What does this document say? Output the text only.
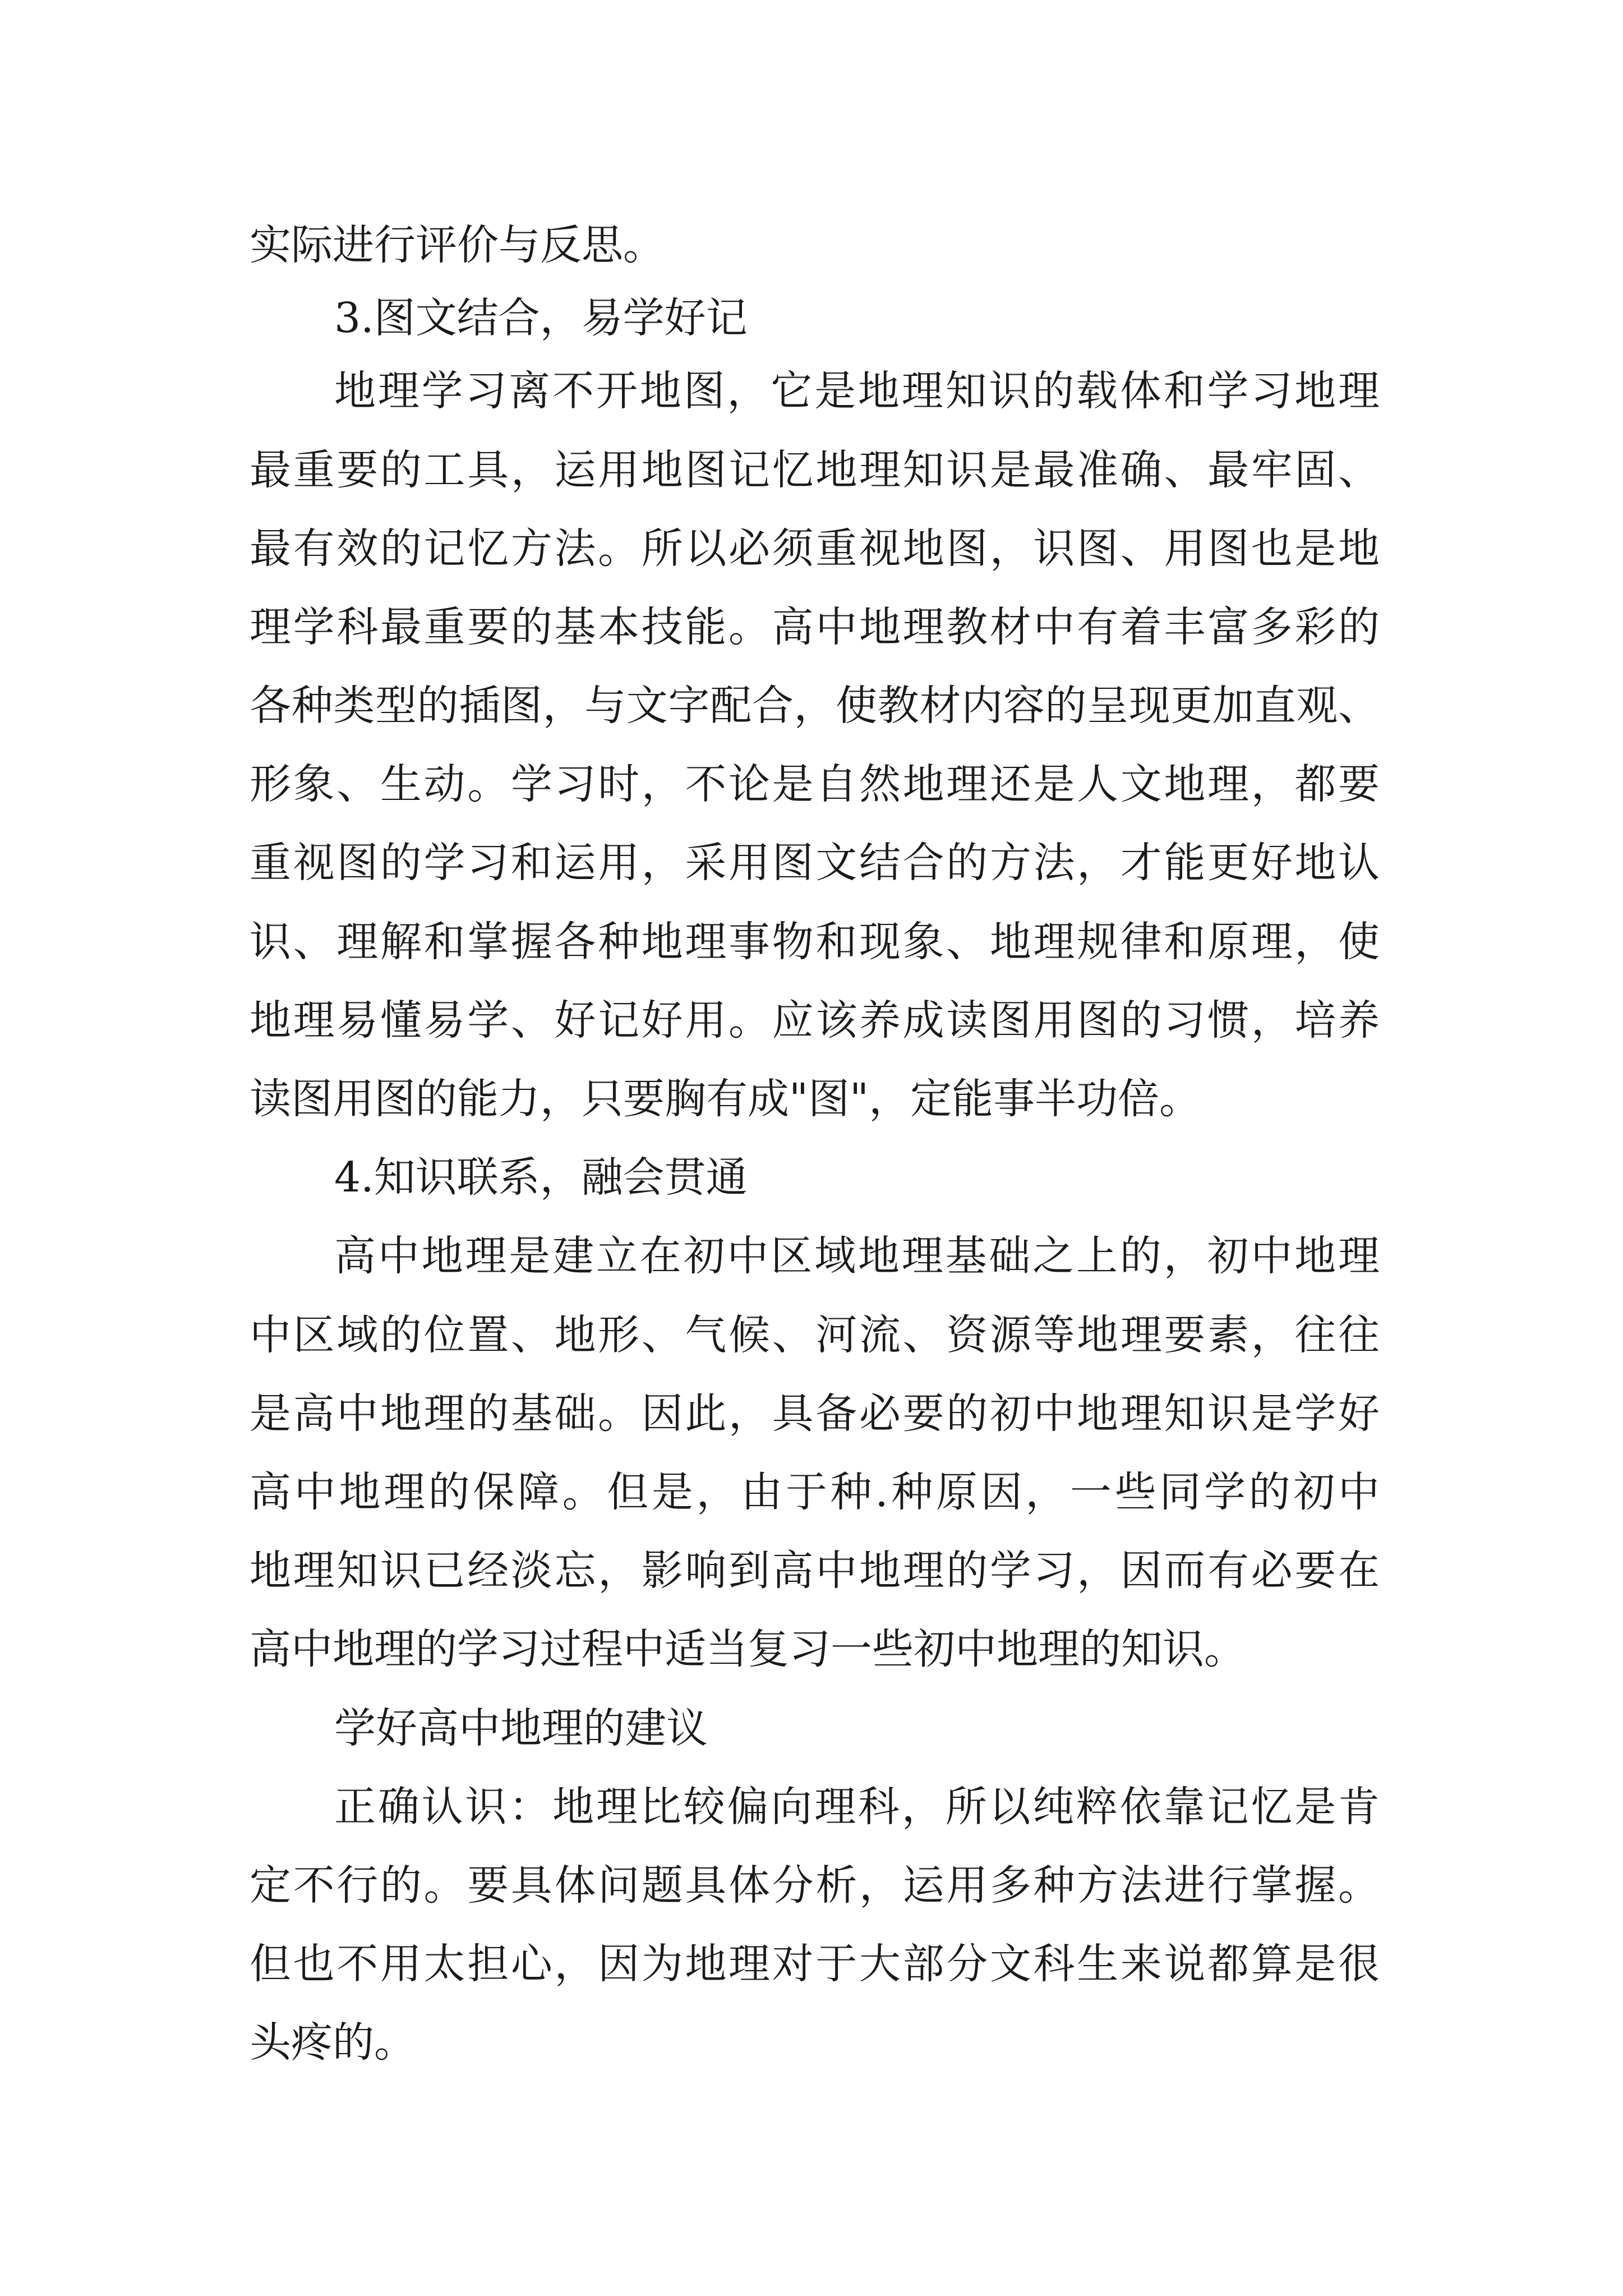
实际进行评价与反思。
3.图文结合，易学好记
地理学习离不开地图，它是地理知识的载体和学习地理
最重要的工具，运用地图记忆地理知识是最准确、最牢固、
最有效的记忆方法。所以必须重视地图，识图、用图也是地
理学科最重要的基本技能。高中地理教材中有着丰富多彩的
各种类型的插图，与文字配合，使教材内容的呈现更加直观、
形象、生动。学习时，不论是自然地理还是人文地理，都要
重视图的学习和运用，采用图文结合的方法，才能更好地认
识、理解和掌握各种地理事物和现象、地理规律和原理，使
地理易懂易学、好记好用。应该养成读图用图的习惯，培养
读图用图的能力，只要胸有成"图"，定能事半功倍。
4.知识联系，融会贯通
高中地理是建立在初中区域地理基础之上的，初中地理
中区域的位置、地形、气候、河流、资源等地理要素，往往
是高中地理的基础。因此，具备必要的初中地理知识是学好
高中地理的保障。但是，由于种.种原因，一些同学的初中
地理知识已经淡忘，影响到高中地理的学习，因而有必要在
高中地理的学习过程中适当复习一些初中地理的知识。
学好高中地理的建议
正确认识：地理比较偏向理科，所以纯粹依靠记忆是肯
定不行的。要具体问题具体分析，运用多种方法进行掌握。
但也不用太担心，因为地理对于大部分文科生来说都算是很
头疼的。
